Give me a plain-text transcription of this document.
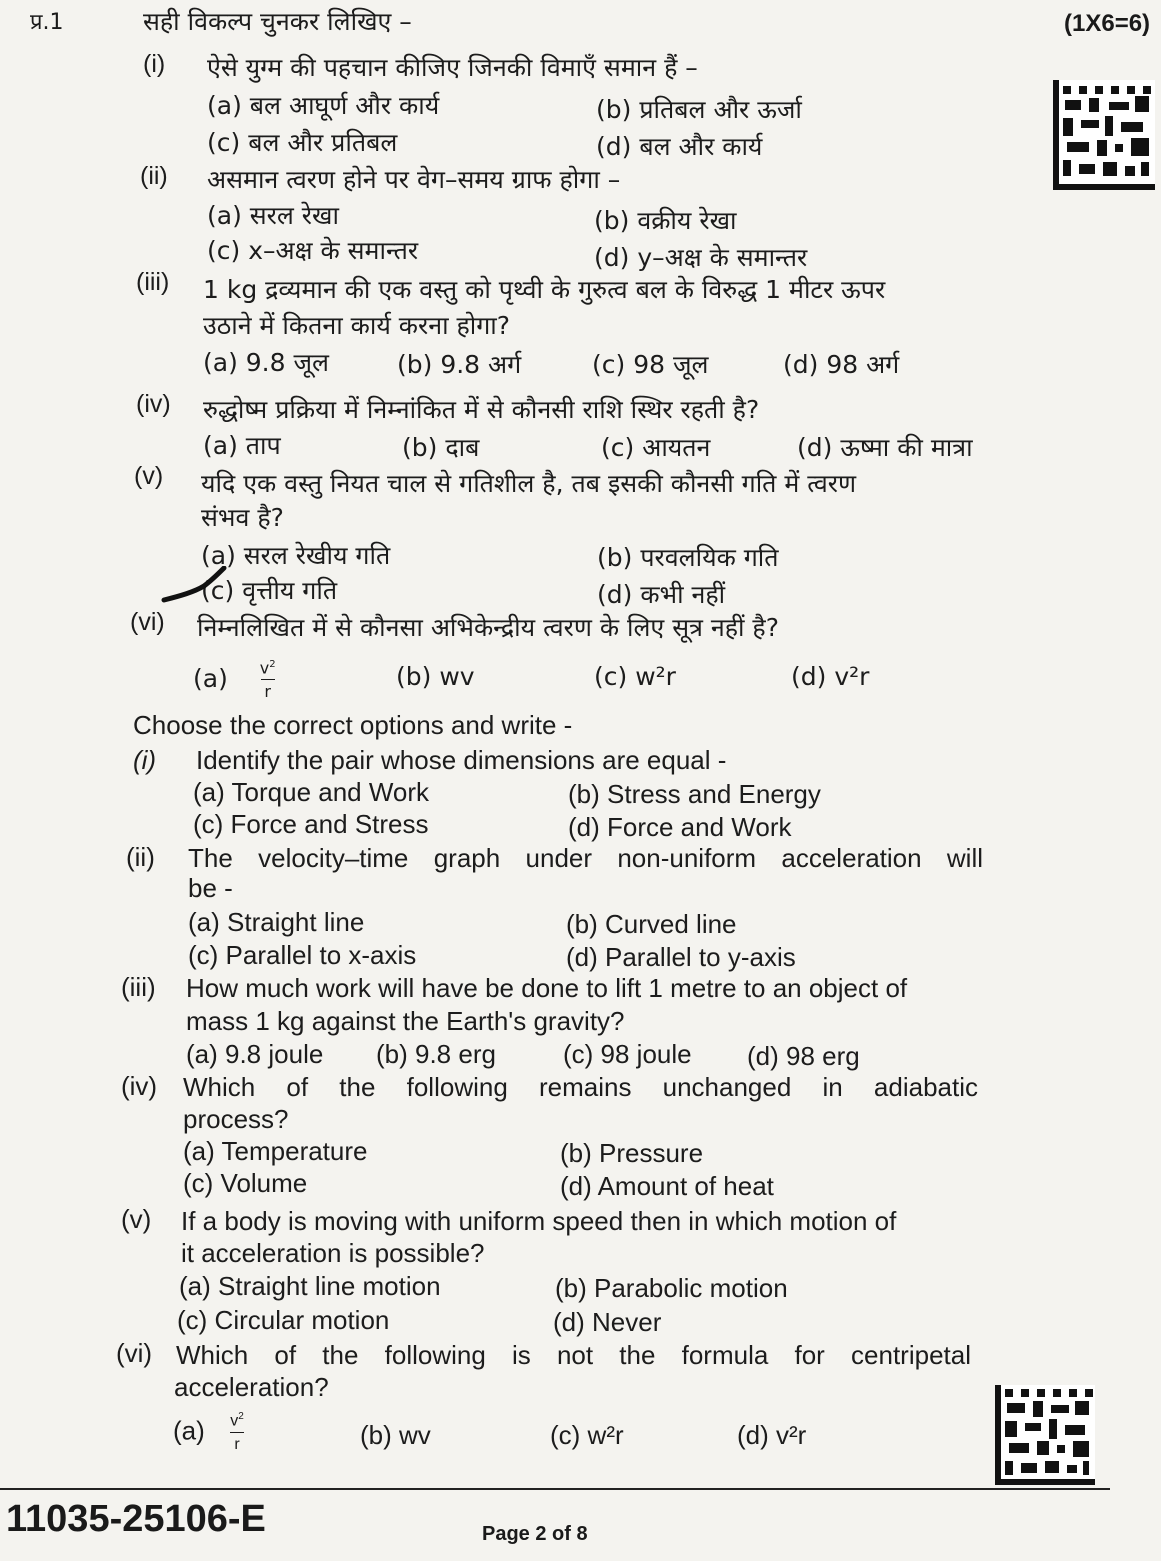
प्र.1	सही विकल्प चुनकर लिखिए –	(1X6=6)
(i) ऐसे युग्म की पहचान कीजिए जिनकी विमाएँ समान हैं –
(a) बल आघूर्ण और कार्य	(b) प्रतिबल और ऊर्जा
(c) बल और प्रतिबल	(d) बल और कार्य
(ii) असमान त्वरण होने पर वेग–समय ग्राफ होगा –
(a) सरल रेखा	(b) वक्रीय रेखा
(c) x–अक्ष के समान्तर	(d) y–अक्ष के समान्तर
(iii) 1 kg द्रव्यमान की एक वस्तु को पृथ्वी के गुरुत्व बल के विरुद्ध 1 मीटर ऊपर
उठाने में कितना कार्य करना होगा?
(a) 9.8 जूल	(b) 9.8 अर्ग	(c) 98 जूल	(d) 98 अर्ग
(iv) रुद्धोष्म प्रक्रिया में निम्नांकित में से कौनसी राशि स्थिर रहती है?
(a) ताप	(b) दाब	(c) आयतन	(d) ऊष्मा की मात्रा
(v) यदि एक वस्तु नियत चाल से गतिशील है, तब इसकी कौनसी गति में त्वरण
संभव है?
(a) सरल रेखीय गति	(b) परवलयिक गति
(c) वृत्तीय गति	(d) कभी नहीं
(vi) निम्नलिखित में से कौनसा अभिकेन्द्रीय त्वरण के लिए सूत्र नहीं है?
$(a) \frac{v^2}{r}$	(b) wv	(c) w²r	(d) v²r
Choose the correct options and write -
(i) Identify the pair whose dimensions are equal -
(a) Torque and Work	(b) Stress and Energy
(c) Force and Stress	(d) Force and Work
(ii) The velocity–time graph under non-uniform acceleration will
be -
(a) Straight line	(b) Curved line
(c) Parallel to x-axis	(d) Parallel to y-axis
(iii) How much work will have be done to lift 1 metre to an object of
mass 1 kg against the Earth's gravity?
(a) 9.8 joule (b) 9.8 erg	(c) 98 joule (d) 98 erg
(iv) Which of the following remains unchanged in adiabatic
process?
(a) Temperature	(b) Pressure
(c) Volume	(d) Amount of heat
(v) If a body is moving with uniform speed then in which motion of
it acceleration is possible?
(a) Straight line motion	(b) Parabolic motion
(c) Circular motion	(d) Never
(vi) Which of the following is not the formula for centripetal
acceleration?
$(a) \frac{v^2}{r}$	(b) wv	(c) w²r	(d) v²r
11035-25106-E	Page 2 of 8
